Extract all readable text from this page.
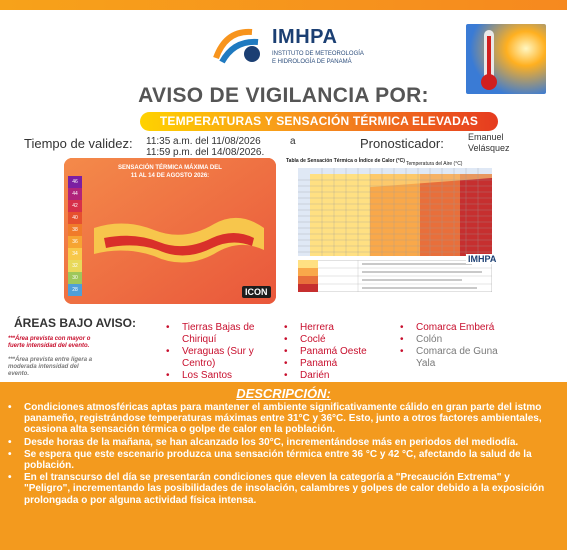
IMHPA
INSTITUTO DE METEOROLOGÍA
E HIDROLOGÍA DE PANAMÁ
AVISO DE VIGILANCIA POR:
TEMPERATURAS Y SENSACIÓN TÉRMICA ELEVADAS
Tiempo de validez: 11:35 a.m. del 11/08/2026
11:59 p.m. del 14/08/2026.
a	Pronosticador:	Emanuel Velásquez
SENSACIÓN TÉRMICA MÁXIMA DEL
11 AL 14 DE AGOSTO 2026:
46
44
42
40
38
36
34
32
30
28	ICON
Tabla de Sensación Térmica o Índice de Calor (°C) Temperatura del Aire (°C)
IMHPA
ÁREAS BAJO AVISO:
***Área prevista con mayor o fuerte intensidad del evento.
***Área prevista entre ligera a moderada intensidad del evento.
• Tierras Bajas de Chiriquí
• Veraguas (Sur y Centro)
• Los Santos
• Herrera
• Coclé
• Panamá Oeste
• Panamá
• Darién
• Comarca Emberá
• Colón
• Comarca de Guna Yala
DESCRIPCIÓN:
• Condiciones atmosféricas aptas para mantener el ambiente significativamente cálido en gran parte del istmo panameño, registrándose temperaturas máximas entre 31°C y 36°C. Esto, junto a otros factores ambientales, ocasiona alta sensación térmica o golpe de calor en la población.
• Desde horas de la mañana, se han alcanzado los 30°C, incrementándose más en periodos del mediodía.
• Se espera que este escenario produzca una sensación térmica entre 36 °C y 42 °C, afectando la salud de la población.
• En el transcurso del día se presentarán condiciones que eleven la categoría a "Precaución Extrema" y "Peligro", incrementando las posibilidades de insolación, calambres y golpes de calor debido a la exposición prolongada o por alguna actividad física intensa.
